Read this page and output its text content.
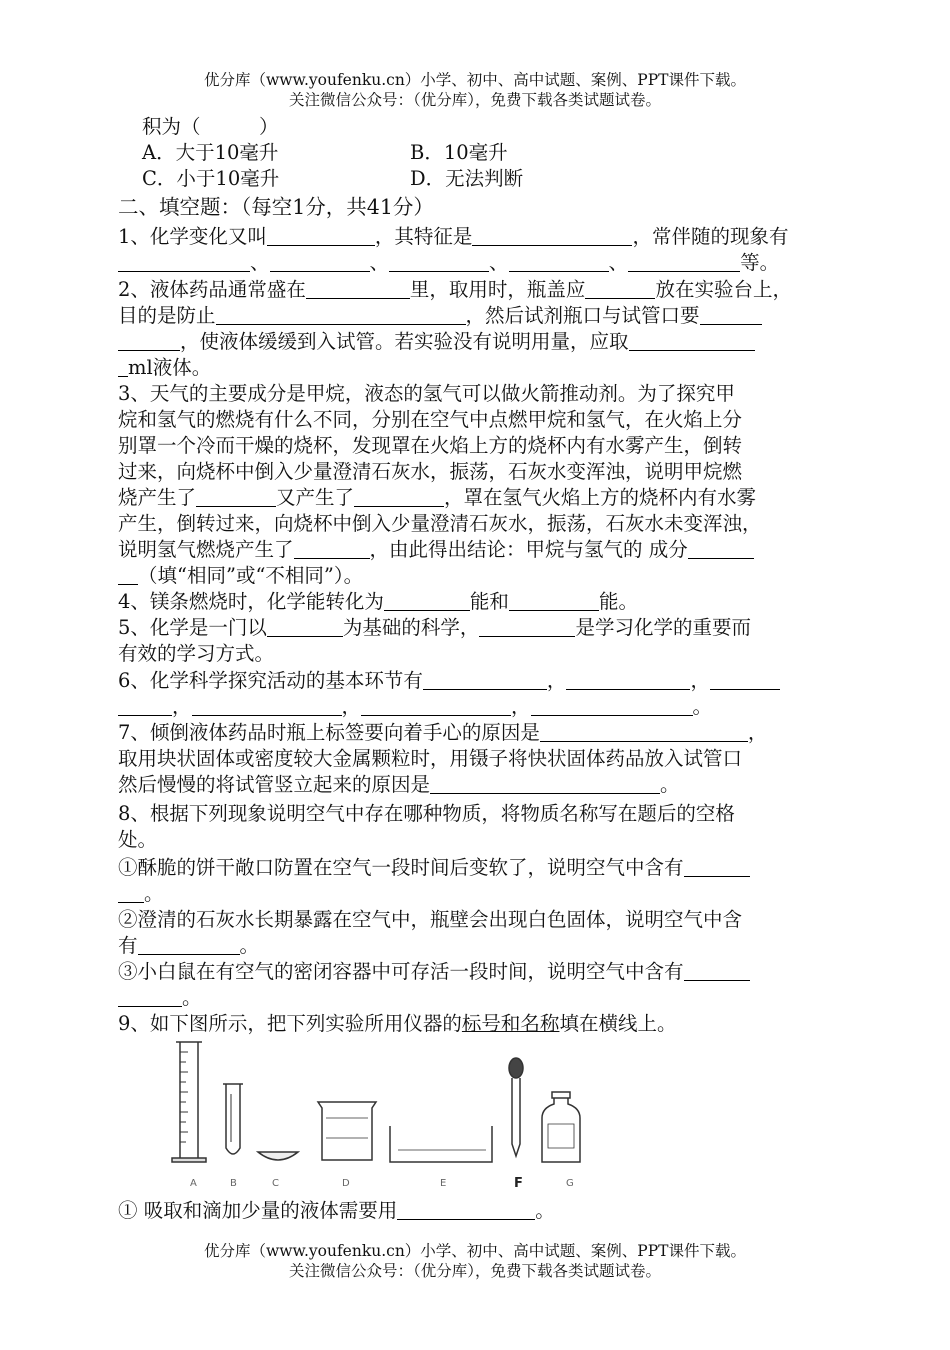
优分库（www.youfenku.cn）小学、初中、高中试题、案例、PPT课件下载。
关注微信公众号：（优分库），免费下载各类试题试卷。
积为（　　　）
A．大于10毫升	B．10毫升
C．小于10毫升	D．无法判断
二、填空题：（每空1分，共41分）
1、化学变化又叫	，其特征是	，常伴随的现象有
、	、	、	、	等。
2、液体药品通常盛在	里，取用时，瓶盖应	放在实验台上，
目的是防止	，然后试剂瓶口与试管口要
，使液体缓缓到入试管。若实验没有说明用量，应取
ml液体。
3、天气的主要成分是甲烷，液态的氢气可以做火箭推动剂。为了探究甲
烷和氢气的燃烧有什么不同，分别在空气中点燃甲烷和氢气，在火焰上分
别罩一个冷而干燥的烧杯，发现罩在火焰上方的烧杯内有水雾产生，倒转
过来，向烧杯中倒入少量澄清石灰水，振荡，石灰水变浑浊，说明甲烷燃
烧产生了	又产生了	，罩在氢气火焰上方的烧杯内有水雾
产生，倒转过来，向烧杯中倒入少量澄清石灰水，振荡，石灰水未变浑浊，
说明氢气燃烧产生了	，由此得出结论：甲烷与氢气的 成分
（填“相同”或“不相同”）。
4、镁条燃烧时，化学能转化为	能和	能。
5、化学是一门以	为基础的科学，	是学习化学的重要而
有效的学习方式。
6、化学科学探究活动的基本环节有	，	，
，	，	，	。
7、倾倒液体药品时瓶上标签要向着手心的原因是	，
取用块状固体或密度较大金属颗粒时，用镊子将快状固体药品放入试管口
然后慢慢的将试管竖立起来的原因是	。
8、根据下列现象说明空气中存在哪种物质，将物质名称写在题后的空格
处。
①酥脆的饼干敞口防置在空气一段时间后变软了，说明空气中含有
。
②澄清的石灰水长期暴露在空气中，瓶壁会出现白色固体，说明空气中含
有	。
③小白鼠在有空气的密闭容器中可存活一段时间，说明空气中含有
。
9、如下图所示，把下列实验所用仪器的标号和名称填在横线上。
A	B	C	D	E	F	G
① 吸取和滴加少量的液体需要用	。
优分库（www.youfenku.cn）小学、初中、高中试题、案例、PPT课件下载。
关注微信公众号：（优分库），免费下载各类试题试卷。
